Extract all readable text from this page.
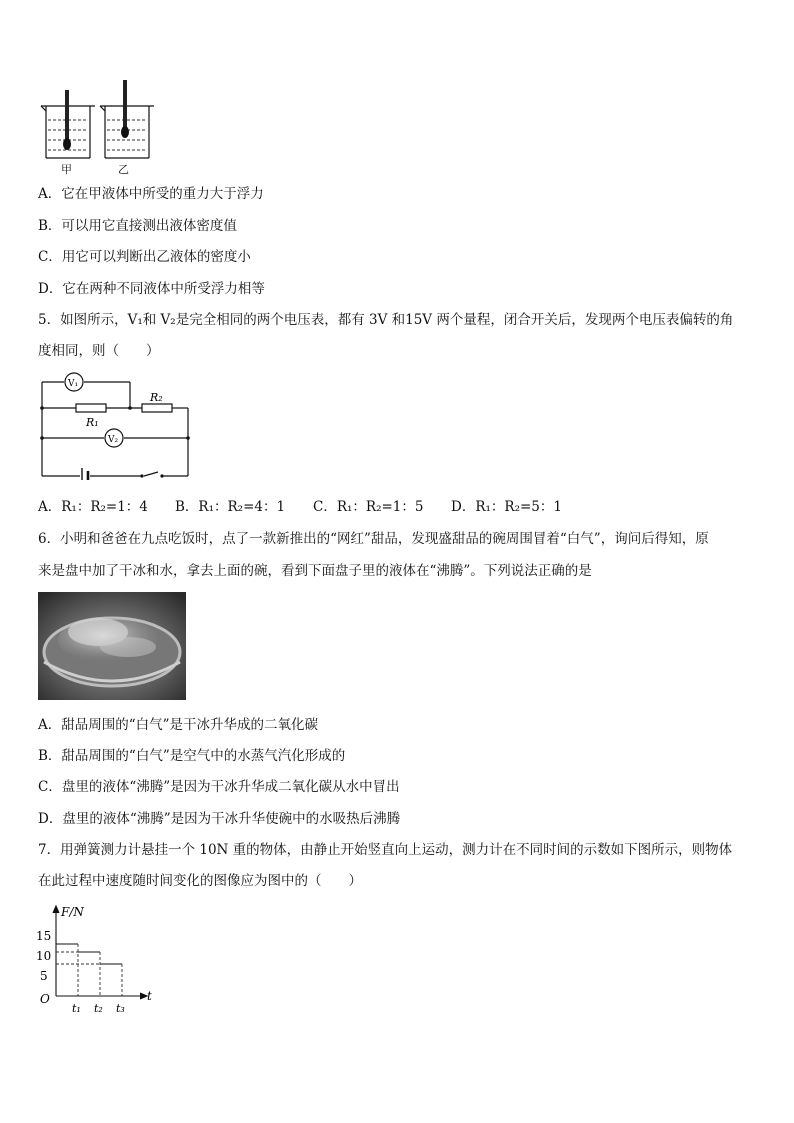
甲	乙
A．它在甲液体中所受的重力大于浮力
B．可以用它直接测出液体密度值
C．用它可以判断出乙液体的密度小
D．它在两种不同液体中所受浮力相等
5．如图所示，V₁和 V₂是完全相同的两个电压表，都有 3V 和15V 两个量程，闭合开关后，发现两个电压表偏转的角
度相同，则（　　）
V₁
V₂
R₁
R₂
A．R₁：R₂=1：4 B．R₁：R₂=4：1 C．R₁：R₂=1：5 D．R₁：R₂=5：1
6．小明和爸爸在九点吃饭时，点了一款新推出的“网红”甜品，发现盛甜品的碗周围冒着“白气”，询问后得知，原
来是盘中加了干冰和水，拿去上面的碗，看到下面盘子里的液体在“沸腾”。下列说法正确的是
A．甜品周围的“白气”是干冰升华成的二氧化碳
B．甜品周围的“白气”是空气中的水蒸气汽化形成的
C．盘里的液体“沸腾”是因为干冰升华成二氧化碳从水中冒出
D．盘里的液体“沸腾”是因为干冰升华使碗中的水吸热后沸腾
7．用弹簧测力计悬挂一个 10N 重的物体，由静止开始竖直向上运动，测力计在不同时间的示数如下图所示，则物体
在此过程中速度随时间变化的图像应为图中的（　　）
F/N
15
10
5
O	t
t₁ t₂ t₃
